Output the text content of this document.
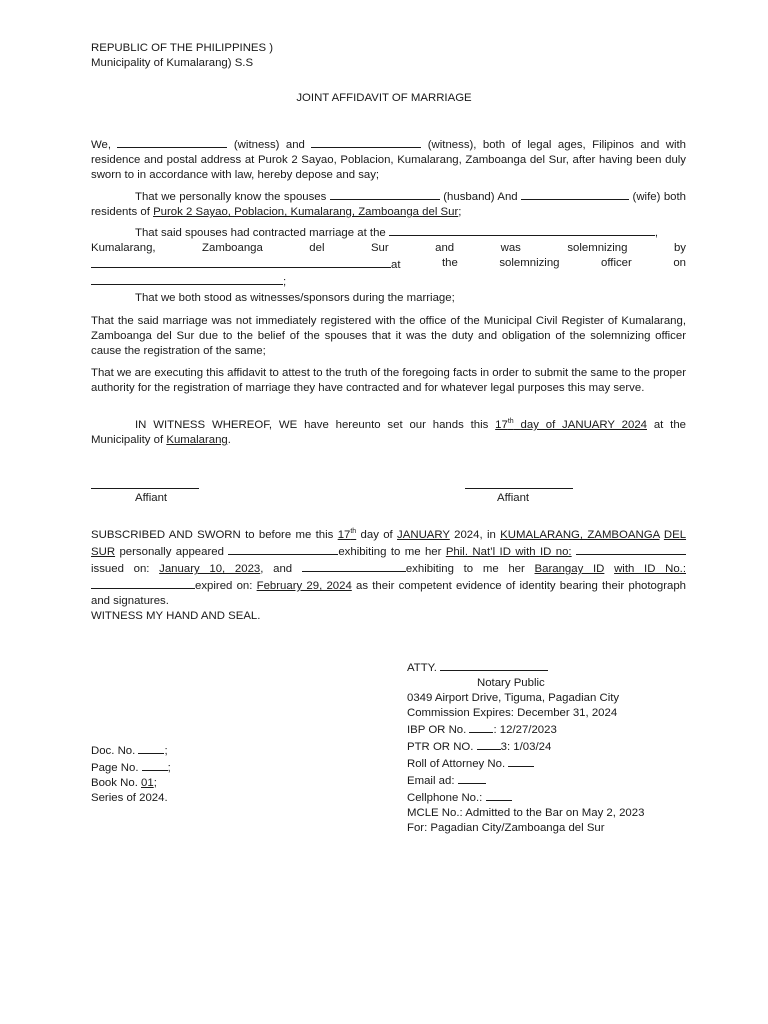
REPUBLIC OF THE PHILIPPINES )
Municipality of Kumalarang) S.S
JOINT AFFIDAVIT OF MARRIAGE
We,	(witness) and	(witness), both of legal ages, Filipinos and with residence and postal address at Purok 2 Sayao, Poblacion, Kumalarang, Zamboanga del Sur, after having been duly sworn to in accordance with law, hereby depose and say;
That we personally know the spouses	(husband) And	(wife) both residents of Purok 2 Sayao, Poblacion, Kumalarang, Zamboanga del Sur;
That said spouses had contracted marriage at the	,
Kumalarang,	Zamboanga	del	Sur	and	was	solemnizing	by
at	the	solemnizing	officer	on
;
That we both stood as witnesses/sponsors during the marriage;
That the said marriage was not immediately registered with the office of the Municipal Civil Register of Kumalarang, Zamboanga del Sur due to the belief of the spouses that it was the duty and obligation of the solemnizing officer cause the registration of the same;
That we are executing this affidavit to attest to the truth of the foregoing facts in order to submit the same to the proper authority for the registration of marriage they have contracted and for whatever legal purposes this may serve.
IN WITNESS WHEREOF, WE have hereunto set our hands this 17th day of JANUARY 2024 at the Municipality of Kumalarang.
Affiant	Affiant
SUBSCRIBED AND SWORN to before me this 17th day of JANUARY 2024, in KUMALARANG, ZAMBOANGA DEL SUR personally appeared	exhibiting to me her Phil. Nat’l ID with ID no: issued on: January 10, 2023, and	exhibiting to me her Barangay ID with ID No.:expired on: February 29, 2024 as their competent evidence of identity bearing their photograph and signatures.
WITNESS MY HAND AND SEAL.
ATTY.
Notary Public
0349 Airport Drive, Tiguma, Pagadian City
Commission Expires: December 31, 2024
IBP OR No. : 12/27/2023
PTR OR NO. 3: 1/03/24
Roll of Attorney No.
Email ad:
Cellphone No.:
MCLE No.: Admitted to the Bar on May 2, 2023
For: Pagadian City/Zamboanga del Sur
Doc. No.	;
Page No.	;
Book No. 01;
Series of 2024.
